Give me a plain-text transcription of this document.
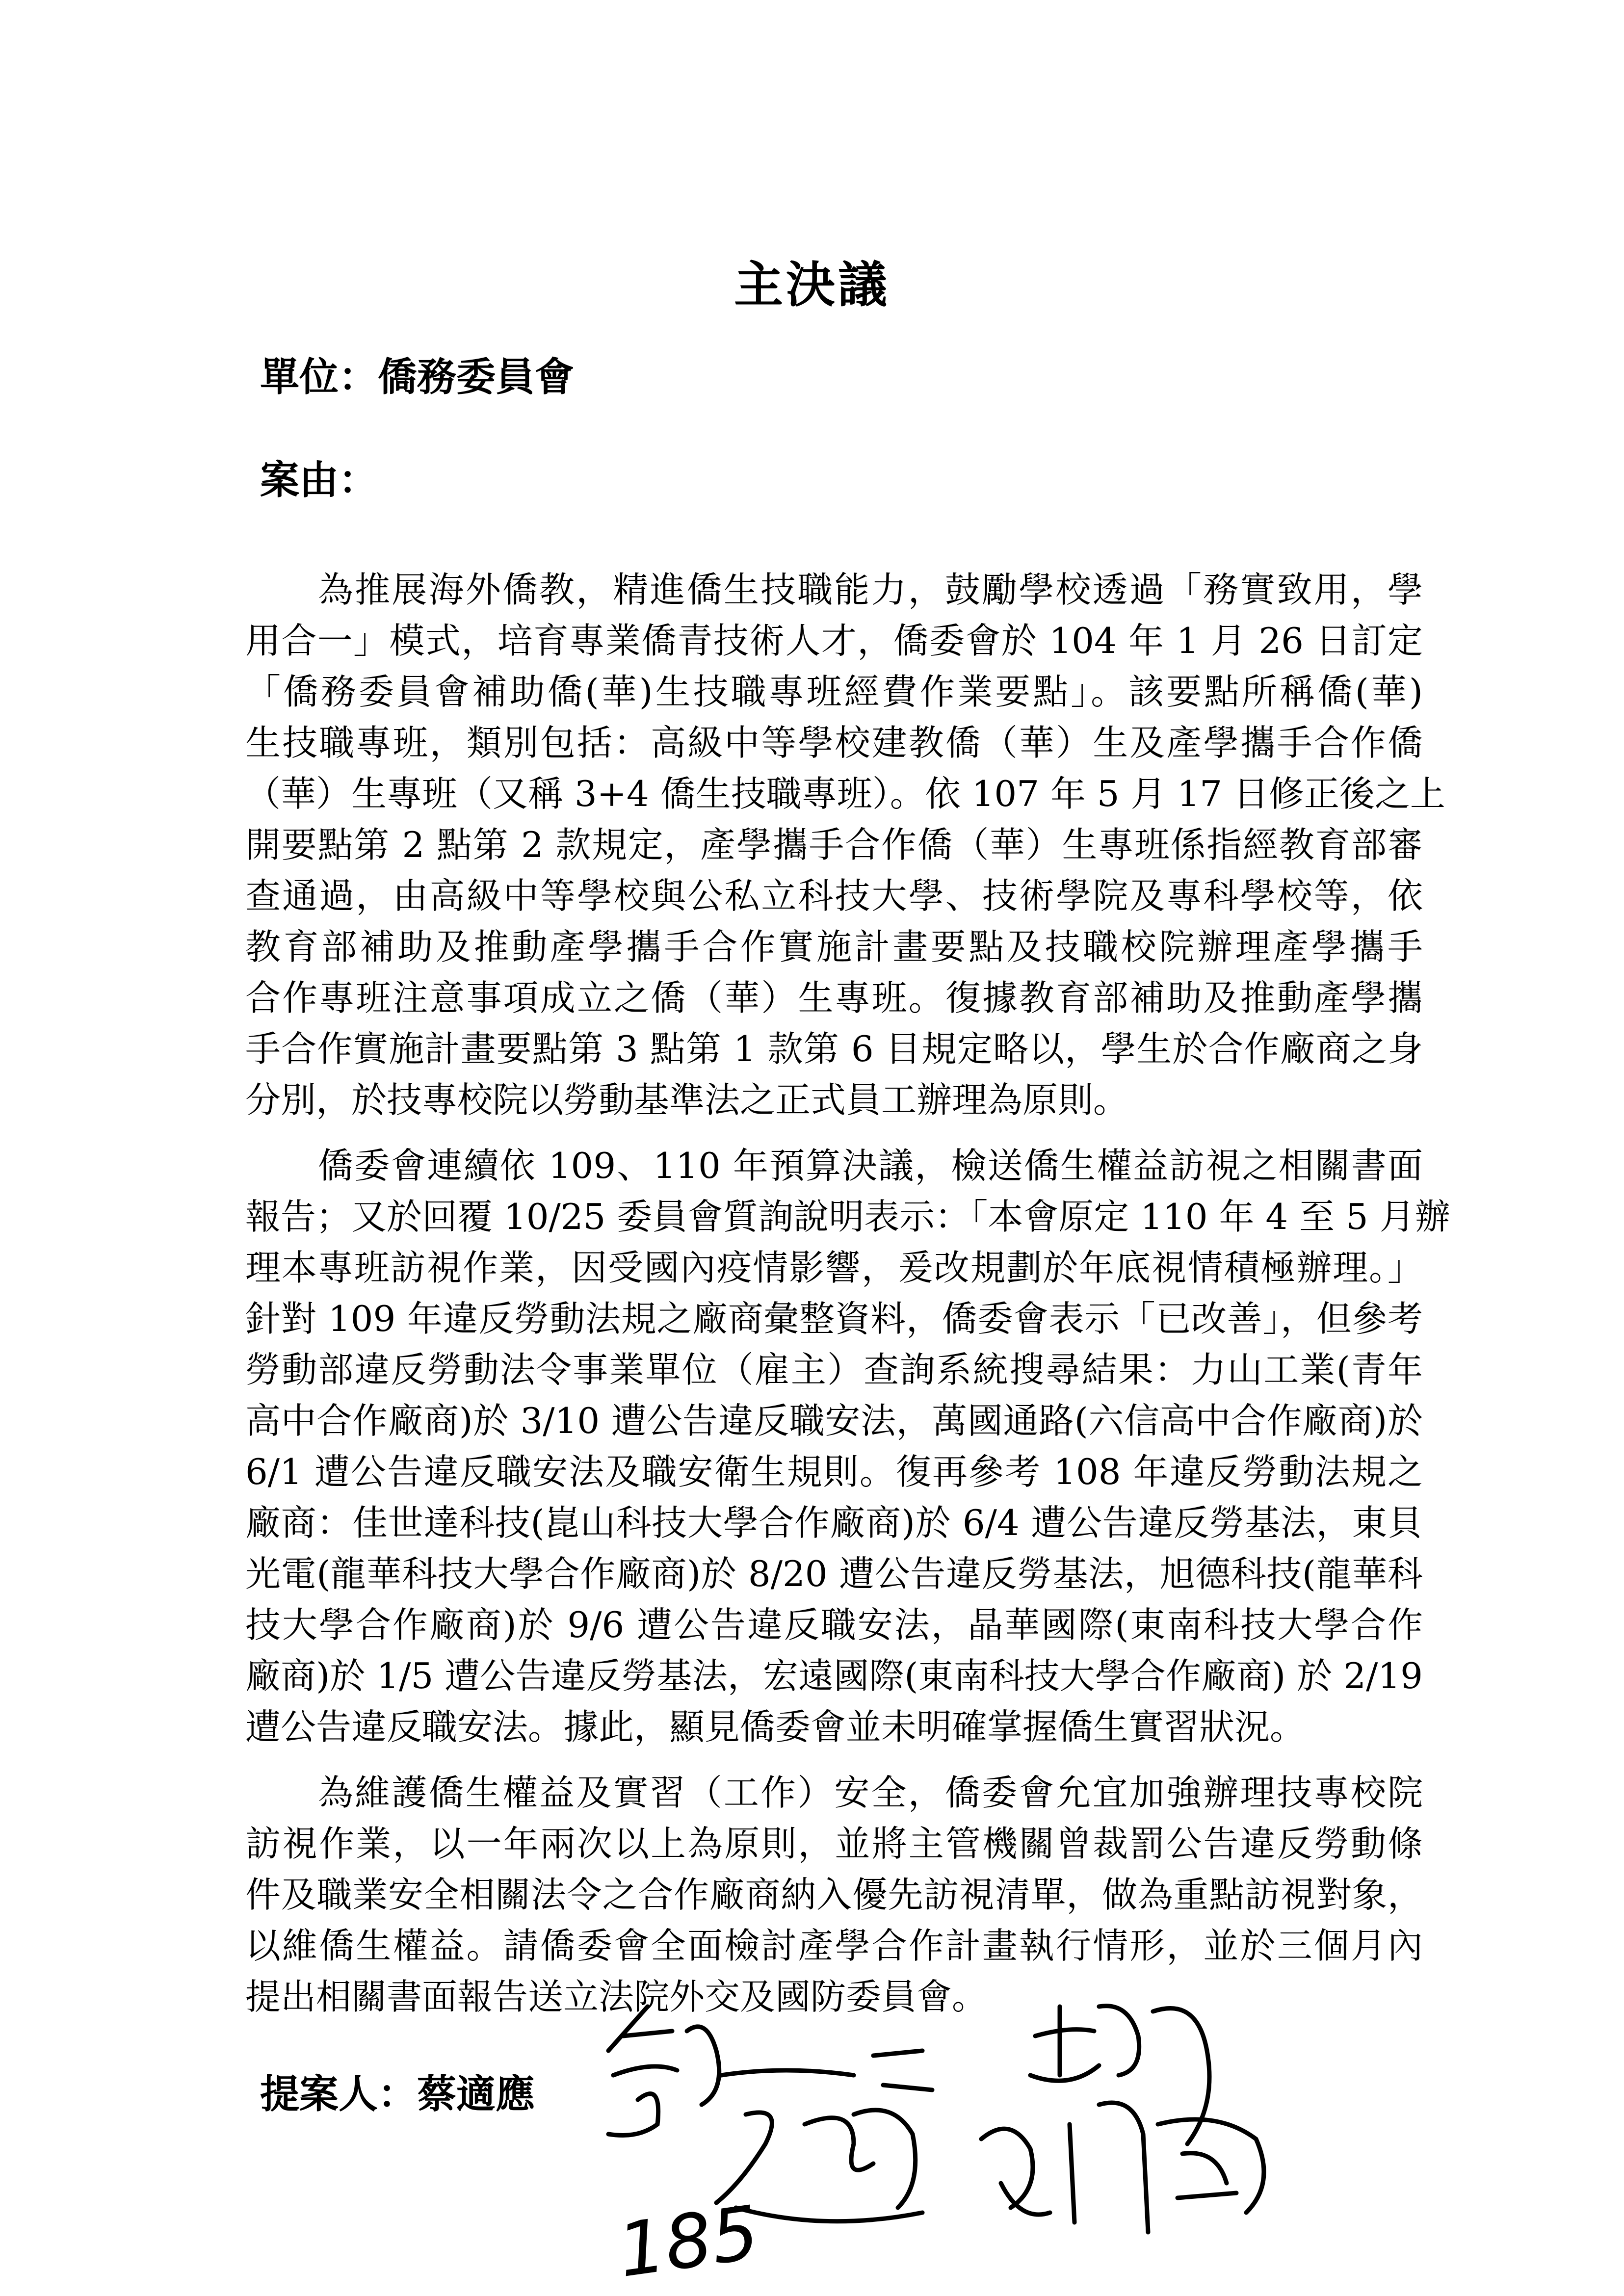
主決議
單位：僑務委員會
案由：
為推展海外僑教，精進僑生技職能力，鼓勵學校透過「務實致用，學
用合一」模式，培育專業僑青技術人才，僑委會於 104 年 1 月 26 日訂定
「僑務委員會補助僑(華)生技職專班經費作業要點」。該要點所稱僑(華)
生技職專班，類別包括：高級中等學校建教僑（華）生及產學攜手合作僑
（華）生專班（又稱 3+4 僑生技職專班）。依 107 年 5 月 17 日修正後之上
開要點第 2 點第 2 款規定，產學攜手合作僑（華）生專班係指經教育部審
查通過，由高級中等學校與公私立科技大學、技術學院及專科學校等，依
教育部補助及推動產學攜手合作實施計畫要點及技職校院辦理產學攜手
合作專班注意事項成立之僑（華）生專班。復據教育部補助及推動產學攜
手合作實施計畫要點第 3 點第 1 款第 6 目規定略以，學生於合作廠商之身
分別，於技專校院以勞動基準法之正式員工辦理為原則。
僑委會連續依 109、110 年預算決議，檢送僑生權益訪視之相關書面
報告；又於回覆 10/25 委員會質詢說明表示：「本會原定 110 年 4 至 5 月辦
理本專班訪視作業，因受國內疫情影響，爰改規劃於年底視情積極辦理。」
針對 109 年違反勞動法規之廠商彙整資料，僑委會表示「已改善」，但參考
勞動部違反勞動法令事業單位（雇主）查詢系統搜尋結果：力山工業(青年
高中合作廠商)於 3/10 遭公告違反職安法，萬國通路(六信高中合作廠商)於
6/1 遭公告違反職安法及職安衛生規則。復再參考 108 年違反勞動法規之
廠商：佳世達科技(崑山科技大學合作廠商)於 6/4 遭公告違反勞基法，東貝
光電(龍華科技大學合作廠商)於 8/20 遭公告違反勞基法，旭德科技(龍華科
技大學合作廠商)於 9/6 遭公告違反職安法，晶華國際(東南科技大學合作
廠商)於 1/5 遭公告違反勞基法，宏遠國際(東南科技大學合作廠商) 於 2/19
遭公告違反職安法。據此，顯見僑委會並未明確掌握僑生實習狀況。
為維護僑生權益及實習（工作）安全，僑委會允宜加強辦理技專校院
訪視作業，以一年兩次以上為原則，並將主管機關曾裁罰公告違反勞動條
件及職業安全相關法令之合作廠商納入優先訪視清單，做為重點訪視對象，
以維僑生權益。請僑委會全面檢討產學合作計畫執行情形，並於三個月內
提出相關書面報告送立法院外交及國防委員會。
提案人：蔡適應
185
